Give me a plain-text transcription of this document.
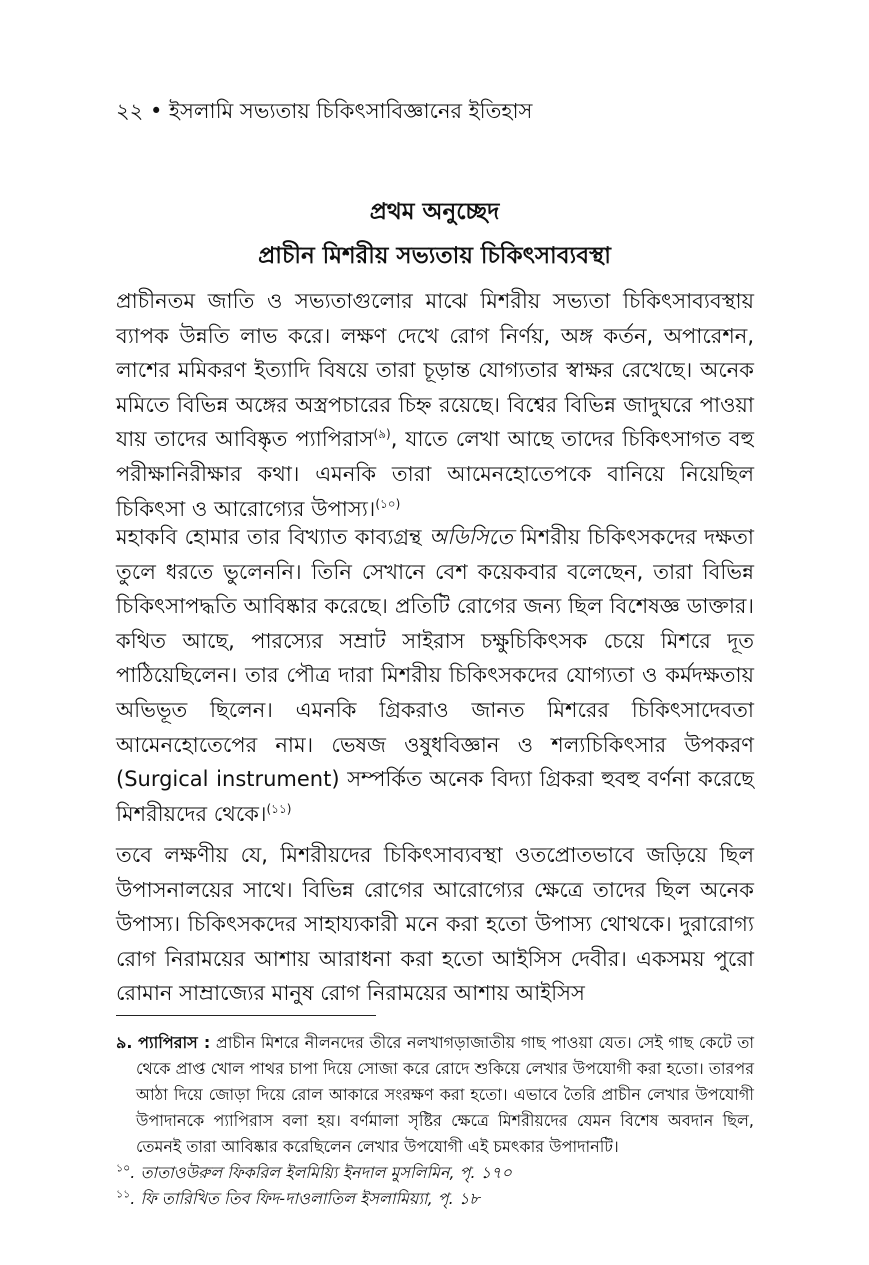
২২ • ইসলামি সভ্যতায় চিকিৎসাবিজ্ঞানের ইতিহাস
প্রথম অনুচ্ছেদ
প্রাচীন মিশরীয় সভ্যতায় চিকিৎসাব্যবস্থা

প্রাচীনতম জাতি ও সভ্যতাগুলোর মাঝে মিশরীয় সভ্যতা চিকিৎসাব্যবস্থায় ব্যাপক উন্নতি লাভ করে। লক্ষণ দেখে রোগ নির্ণয়, অঙ্গ কর্তন, অপারেশন, লাশের মমিকরণ ইত্যাদি বিষয়ে তারা চূড়ান্ত যোগ্যতার স্বাক্ষর রেখেছে। অনেক মমিতে বিভিন্ন অঙ্গের অস্ত্রপচারের চিহ্ন রয়েছে। বিশ্বের বিভিন্ন জাদুঘরে পাওয়া যায় তাদের আবিষ্কৃত প্যাপিরাস$^{(৯)}$, যাতে লেখা আছে তাদের চিকিৎসাগত বহু পরীক্ষানিরীক্ষার কথা। এমনকি তারা আমেনহোতেপকে বানিয়ে নিয়েছিল চিকিৎসা ও আরোগ্যের উপাস্য।$^{(১০)}$

মহাকবি হোমার তার বিখ্যাত কাব্যগ্রন্থ অডিসিতে মিশরীয় চিকিৎসকদের দক্ষতা তুলে ধরতে ভুলেননি। তিনি সেখানে বেশ কয়েকবার বলেছেন, তারা বিভিন্ন চিকিৎসাপদ্ধতি আবিষ্কার করেছে। প্রতিটি রোগের জন্য ছিল বিশেষজ্ঞ ডাক্তার। কথিত আছে, পারস্যের সম্রাট সাইরাস চক্ষুচিকিৎসক চেয়ে মিশরে দূত পাঠিয়েছিলেন। তার পৌত্র দারা মিশরীয় চিকিৎসকদের যোগ্যতা ও কর্মদক্ষতায় অভিভূত ছিলেন। এমনকি গ্রিকরাও জানত মিশরের চিকিৎসাদেবতা আমেনহোতেপের নাম। ভেষজ ওষুধবিজ্ঞান ও শল্যচিকিৎসার উপকরণ (Surgical instrument) সম্পর্কিত অনেক বিদ্যা গ্রিকরা হুবহু বর্ণনা করেছে মিশরীয়দের থেকে।$^{(১১)}$

তবে লক্ষণীয় যে, মিশরীয়দের চিকিৎসাব্যবস্থা ওতপ্রোতভাবে জড়িয়ে ছিল উপাসনালয়ের সাথে। বিভিন্ন রোগের আরোগ্যের ক্ষেত্রে তাদের ছিল অনেক উপাস্য। চিকিৎসকদের সাহায্যকারী মনে করা হতো উপাস্য থোথকে। দুরারোগ্য রোগ নিরাময়ের আশায় আরাধনা করা হতো আইসিস দেবীর। একসময় পুরো রোমান সাম্রাজ্যের মানুষ রোগ নিরাময়ের আশায় আইসিস

৯. প্যাপিরাস : প্রাচীন মিশরে নীলনদের তীরে নলখাগড়াজাতীয় গাছ পাওয়া যেত। সেই গাছ কেটে তা থেকে প্রাপ্ত খোল পাথর চাপা দিয়ে সোজা করে রোদে শুকিয়ে লেখার উপযোগী করা হতো। তারপর আঠা দিয়ে জোড়া দিয়ে রোল আকারে সংরক্ষণ করা হতো। এভাবে তৈরি প্রাচীন লেখার উপযোগী উপাদানকে প্যাপিরাস বলা হয়। বর্ণমালা সৃষ্টির ক্ষেত্রে মিশরীয়দের যেমন বিশেষ অবদান ছিল, তেমনই তারা আবিষ্কার করেছিলেন লেখার উপযোগী এই চমৎকার উপাদানটি।

$^{১০}$. তাতাওউরুল ফিকরিল ইলমিয়্যি ইনদাল মুসলিমিন, পৃ. ১৭০

$^{১১}$. ফি তারিখিত তিব ফিদ-দাওলাতিল ইসলামিয়্যা, পৃ. ১৮
